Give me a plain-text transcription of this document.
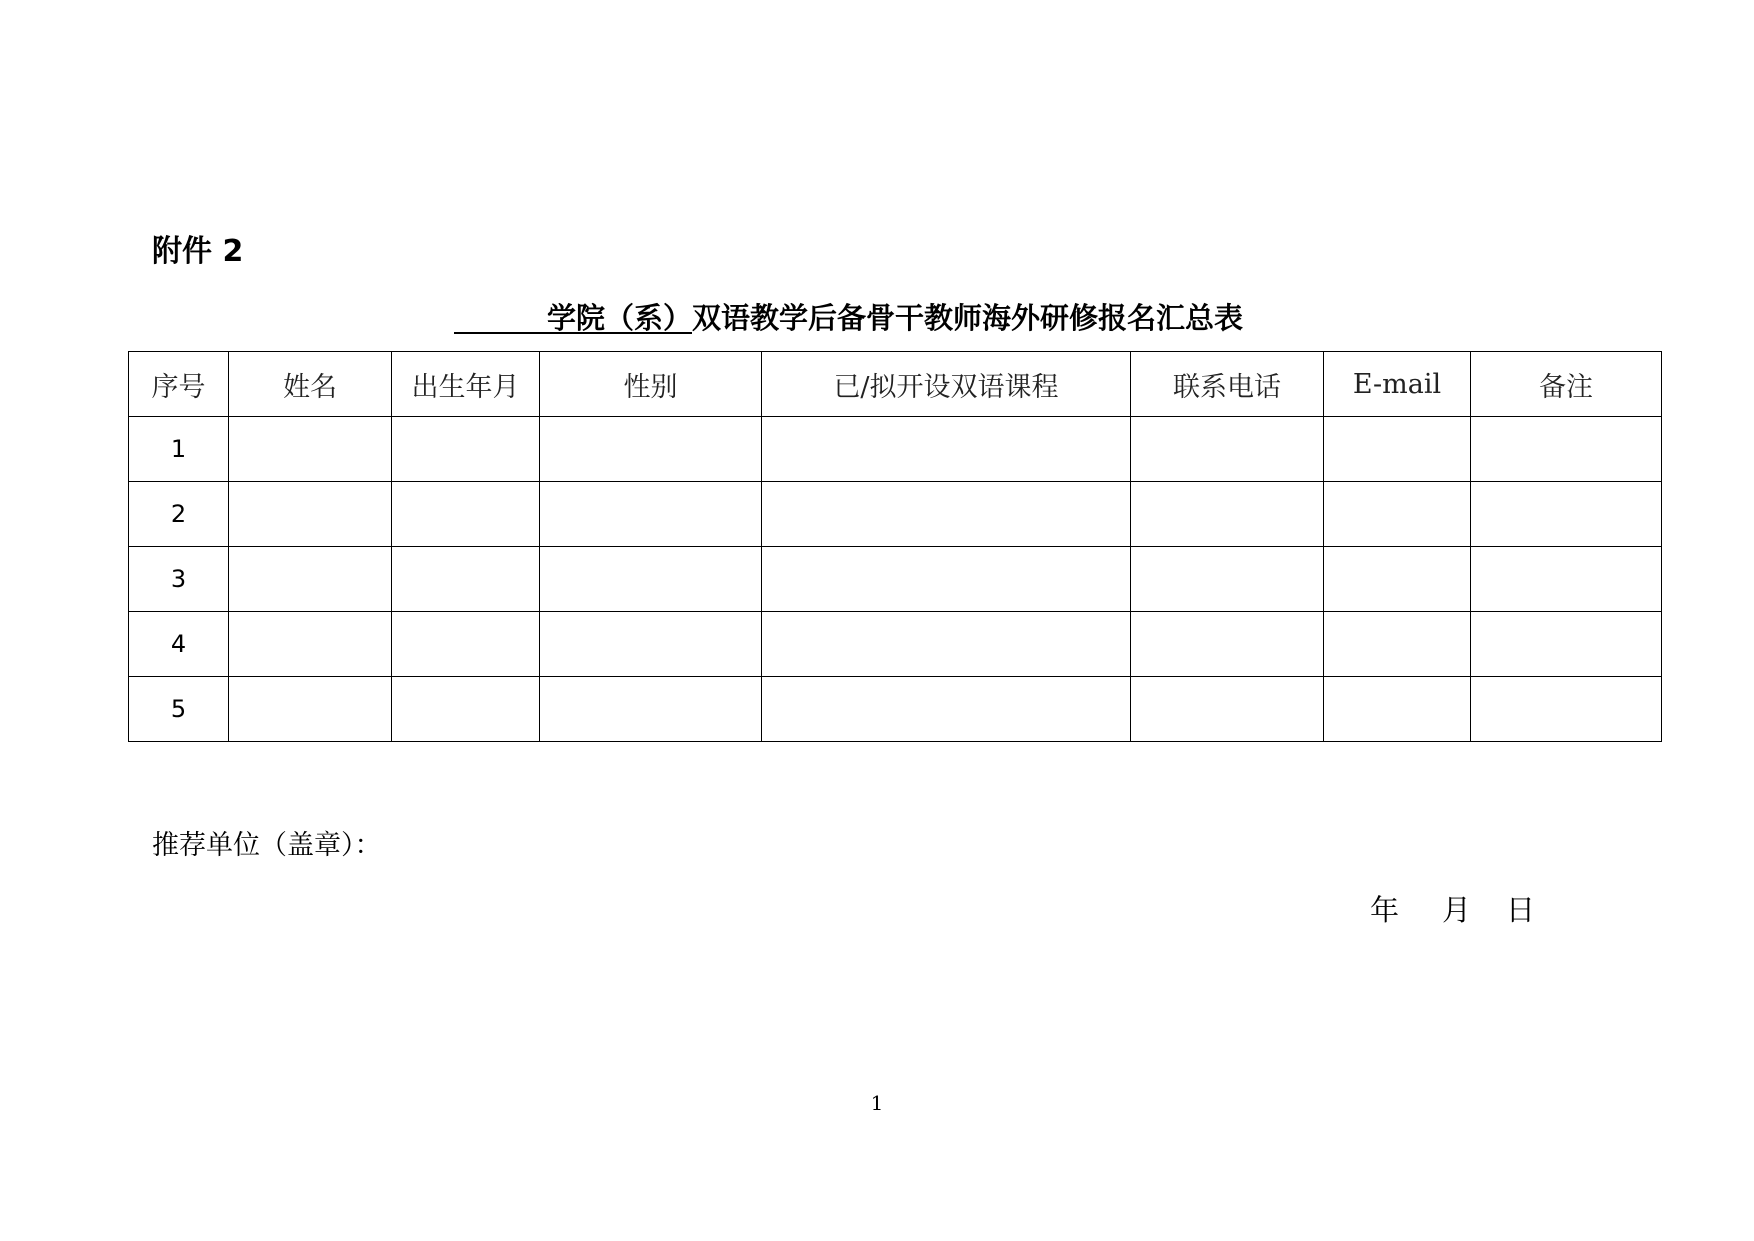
附件 2
学院（系）双语教学后备骨干教师海外研修报名汇总表
序号	姓名	出生年月	性别	已/拟开设双语课程	联系电话	E-mail	备注
1							
2							
3							
4							
5							
推荐单位（盖章）：
年 月 日
1
